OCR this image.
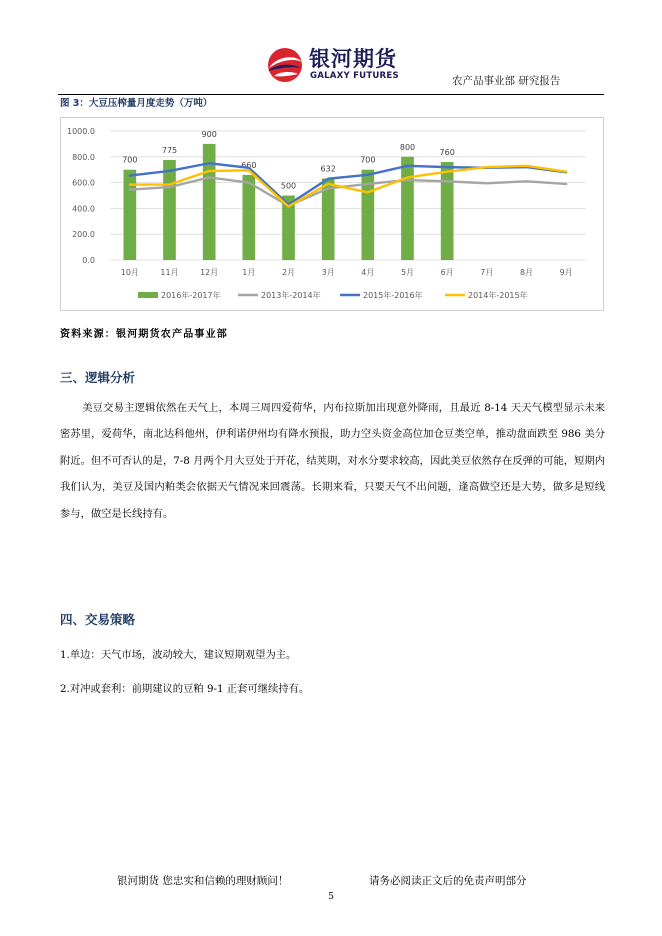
银河期货
GALAXY FUTURES	农产品事业部 研究报告
图 3：大豆压榨量月度走势（万吨）
0.0
200.0
400.0
600.0
800.0
1000.0
10月	11月	12月	1月	2月	3月	4月	5月	6月	7月	8月	9月
700
775
900
660
500
632
700
800
760
2016年-2017年	2013年-2014年	2015年-2016年	2014年-2015年
资料来源：银河期货农产品事业部
三、逻辑分析
美豆交易主逻辑依然在天气上，本周三周四爱荷华，内布拉斯加出现意外降雨，且最近 8-14 天天气模型显示未来密苏里，爱荷华，南北达科他州，伊利诺伊州均有降水预报，助力空头资金高位加仓豆类空单，推动盘面跌至 986 美分附近。但不可否认的是，7-8 月两个月大豆处于开花，结荚期，对水分要求较高，因此美豆依然存在反弹的可能，短期内我们认为，美豆及国内粕类会依据天气情况来回震荡。长期来看，只要天气不出问题，逢高做空还是大势，做多是短线参与，做空是长线持有。
四、交易策略
1.单边：天气市场，波动较大，建议短期观望为主。
2.对冲或套利：前期建议的豆粕 9-1 正套可继续持有。
银河期货 您忠实和信赖的理财顾问！	请务必阅读正文后的免责声明部分
5
